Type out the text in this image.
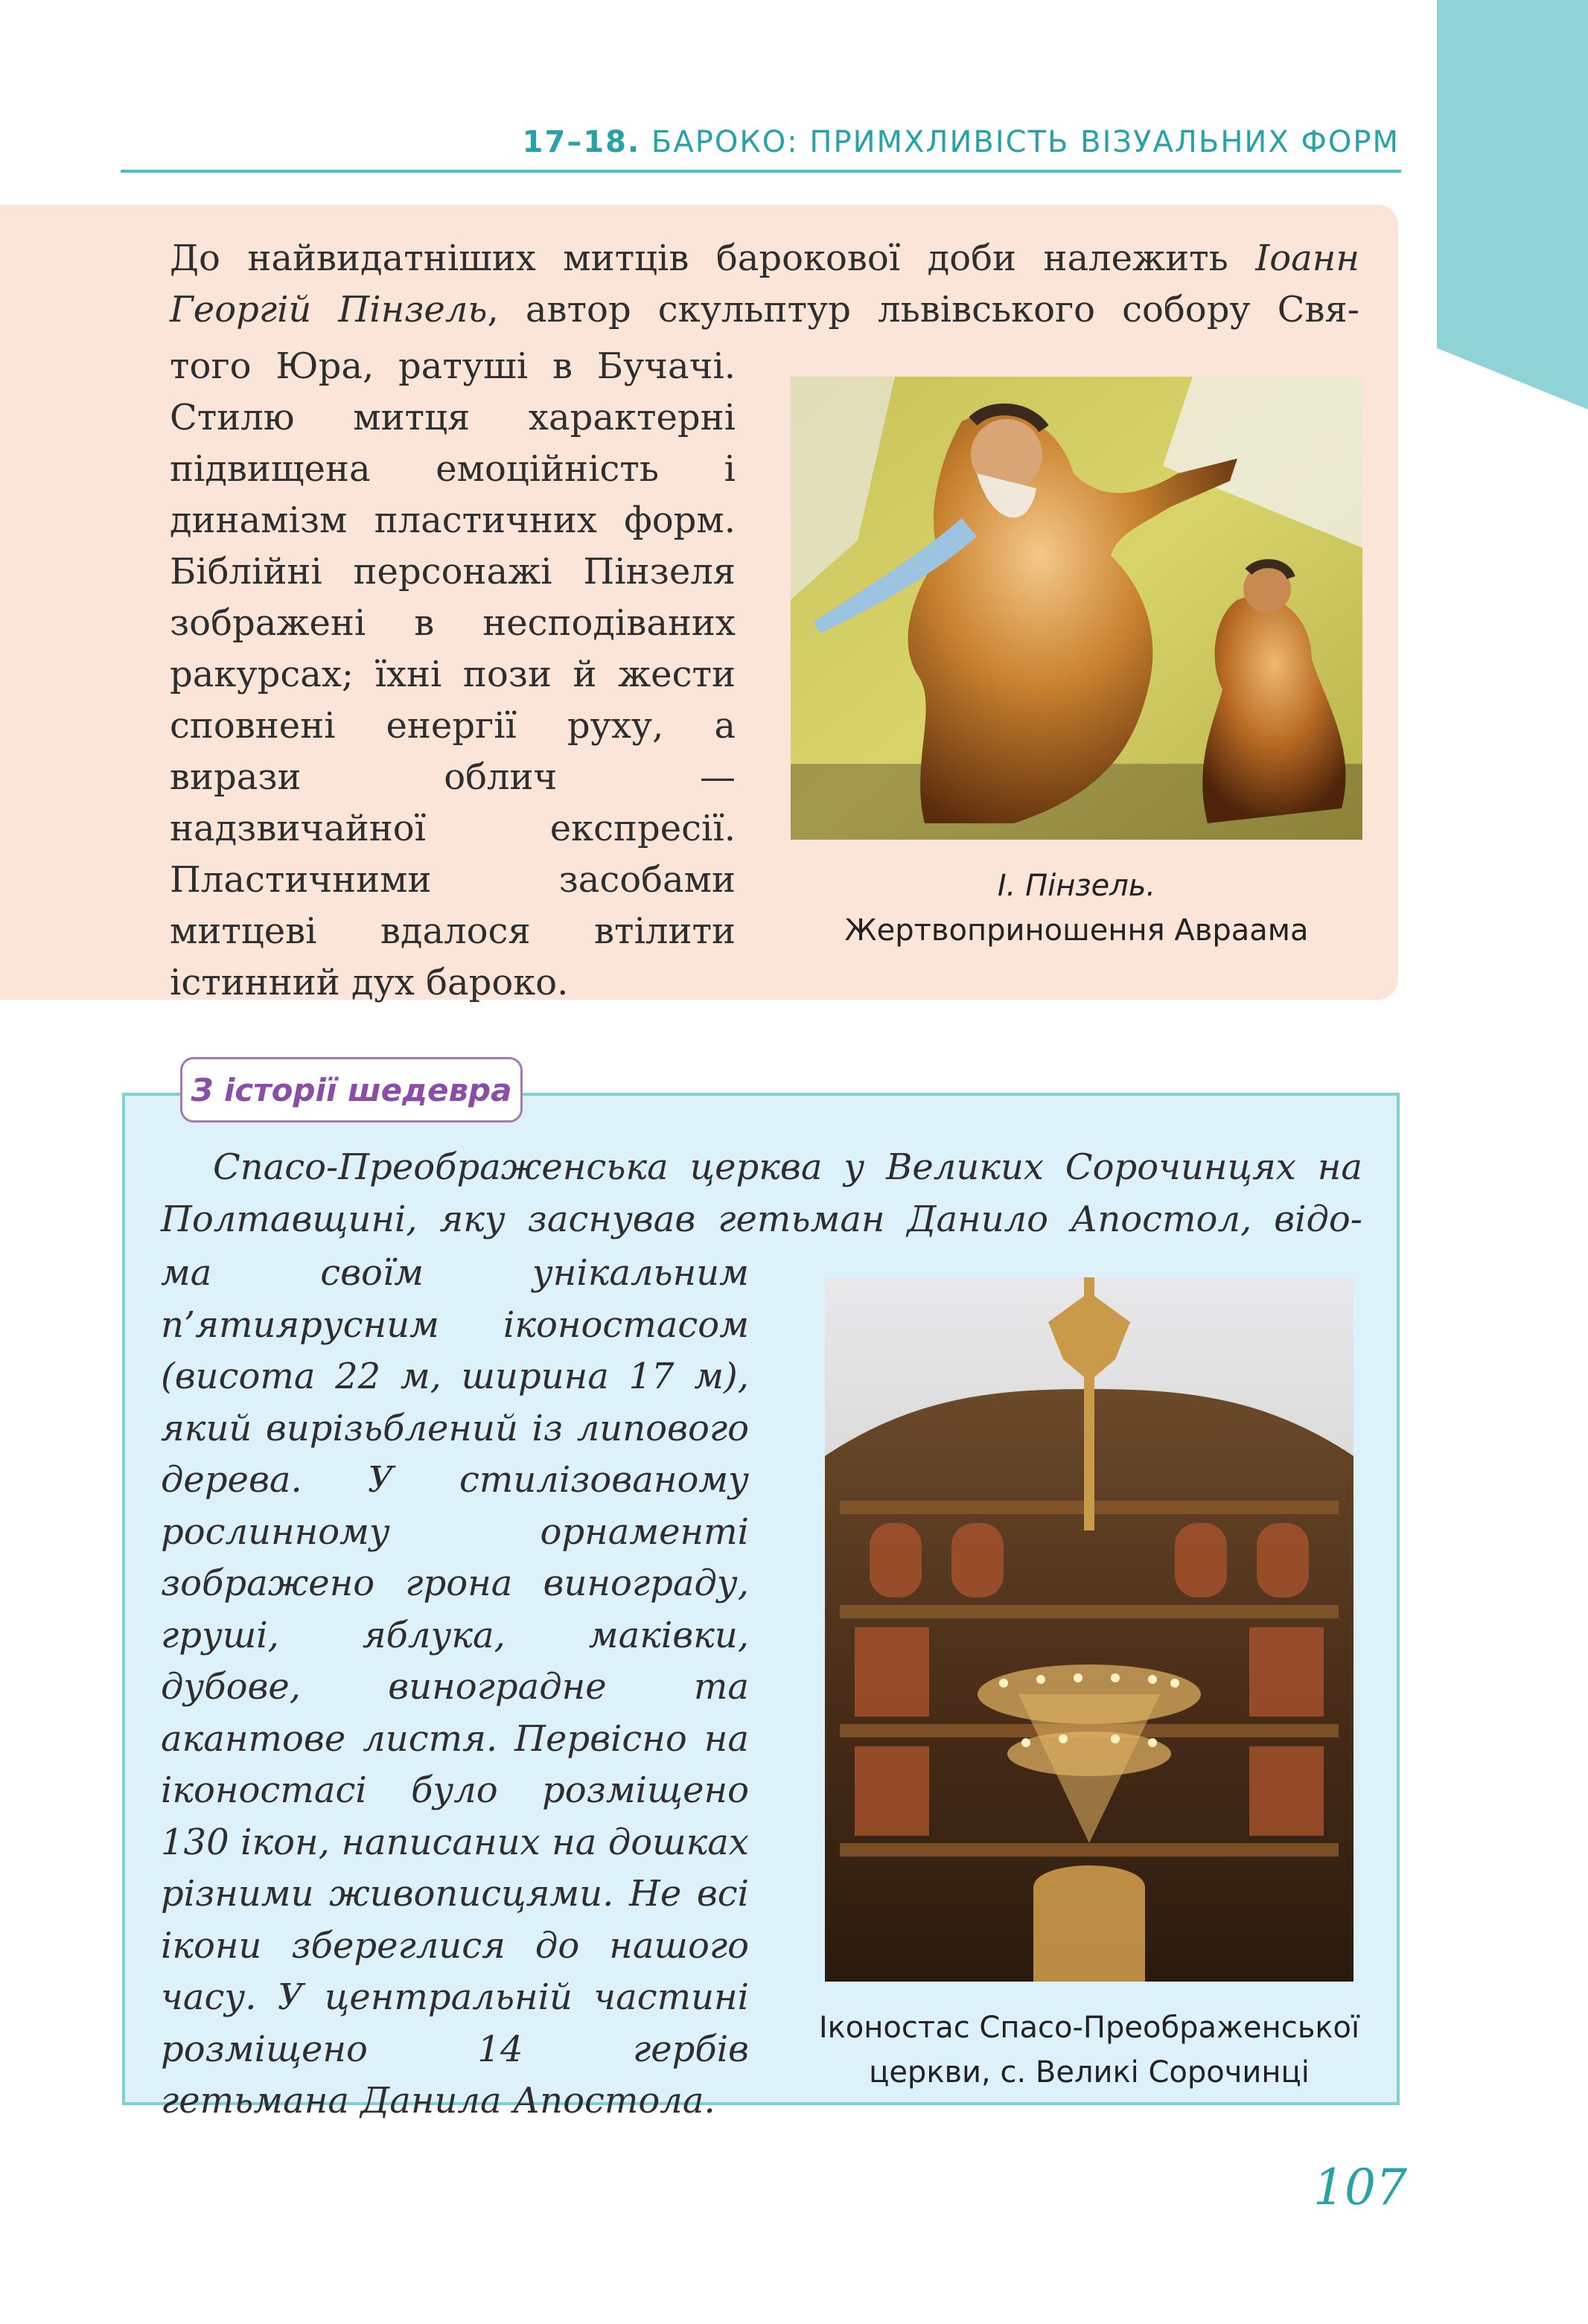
17–18. БАРОКО: ПРИМХЛИВІСТЬ ВІЗУАЛЬНИХ ФОРМ
До найвидатніших митців барокової доби належить Іоанн Георгій Пінзель, автор скульптур львівського собору Свя-
того Юра, ратуші в Бучачі. Стилю митця характерні підвищена емоційність і динамізм пластичних форм. Біблійні персонажі Пінзеля зображені в несподіваних ракурсах; їхні пози й жести сповнені енергії руху, а вирази облич — надзвичайної експресії. Пластичними засобами митцеві вдалося втілити істинний дух бароко.
І. Пінзель.
Жертвоприношення Авраама
З історії шедевра
Спасо-Преображенська церква у Великих Сорочинцях на Полтавщині, яку заснував гетьман Данило Апостол, відо-
ма своїм унікальним п’ятиярусним іконостасом (висота 22 м, ширина 17 м), який вирізьблений із липового дерева. У стилізованому рослинному орнаменті зображено грона винограду, груші, яблука, маківки, дубове, виноградне та акантове листя. Первісно на іконостасі було розміщено 130 ікон, написаних на дошках різними живописцями. Не всі ікони збереглися до нашого часу. У центральній частині розміщено 14 гербів гетьмана Данила Апостола.
Іконостас Спасо-Преображенської
церкви, с. Великі Сорочинці
107
